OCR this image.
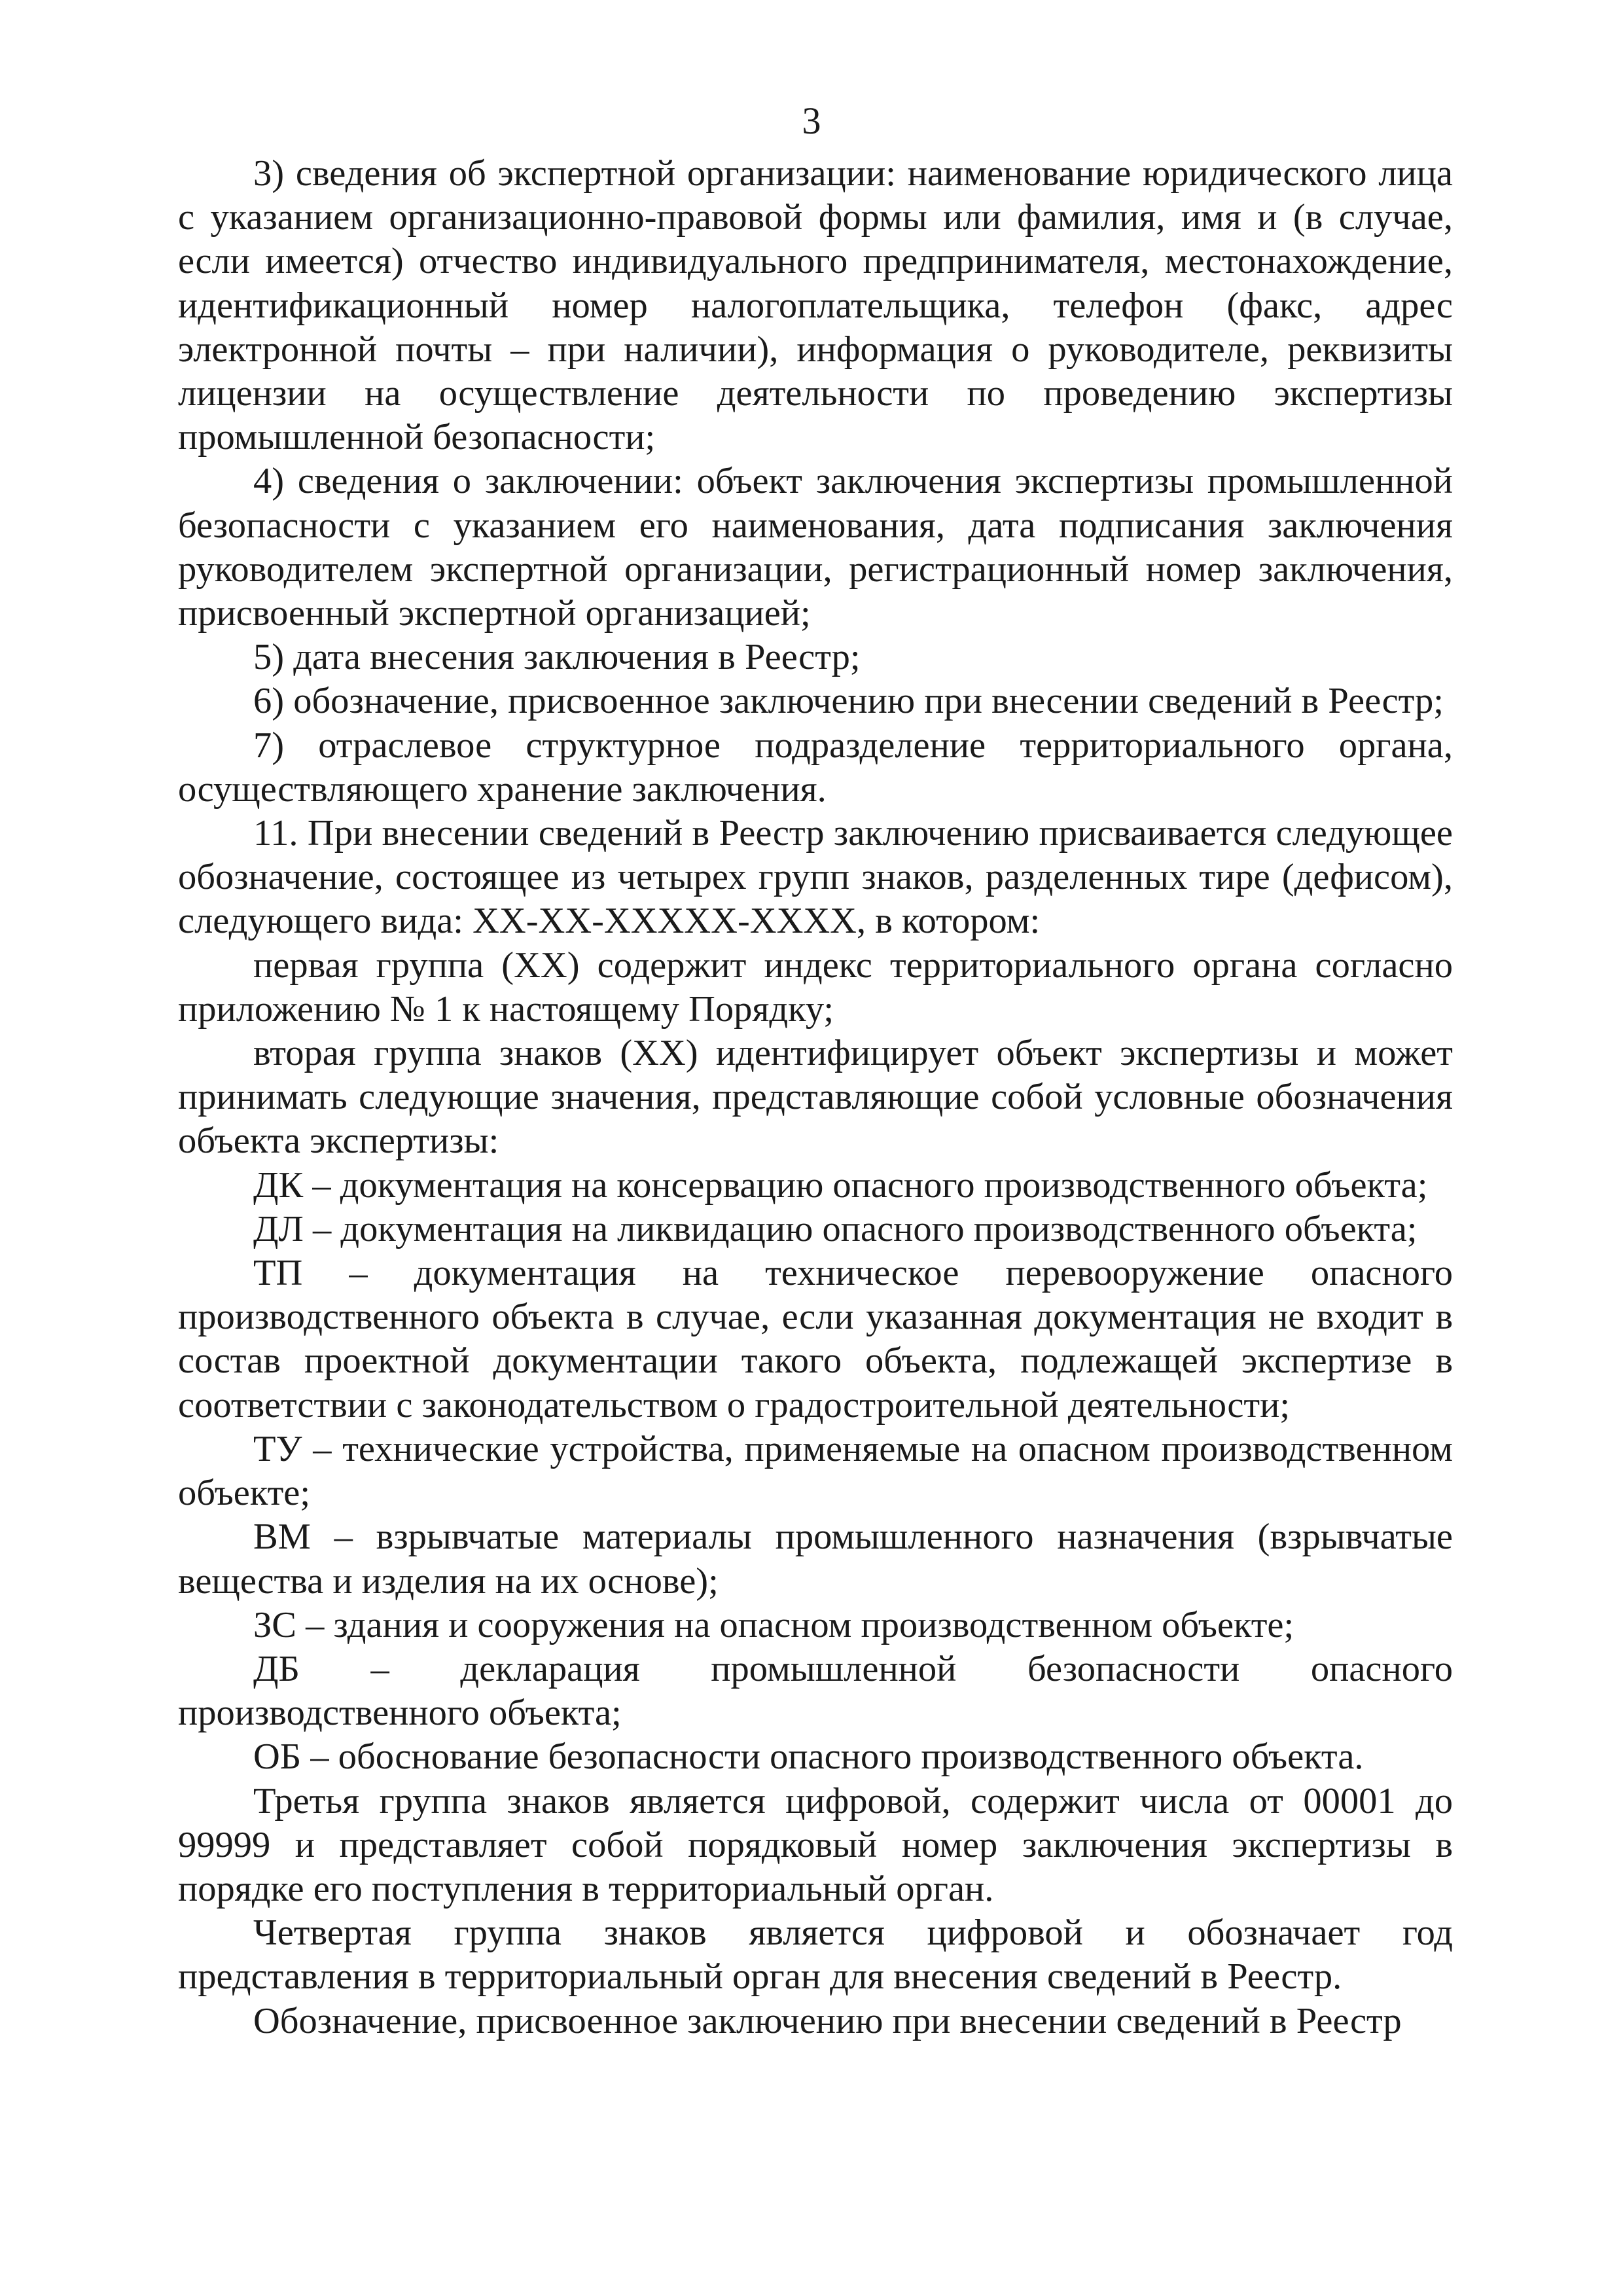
3

3) сведения об экспертной организации: наименование юридического лица с указанием организационно-правовой формы или фамилия, имя и (в случае, если имеется) отчество индивидуального предпринимателя, местонахождение, идентификационный номер налогоплательщика, телефон (факс, адрес электронной почты – при наличии), информация о руководителе, реквизиты лицензии на осуществление деятельности по проведению экспертизы промышленной безопасности;

4) сведения о заключении: объект заключения экспертизы промышленной безопасности с указанием его наименования, дата подписания заключения руководителем экспертной организации, регистрационный номер заключения, присвоенный экспертной организацией;

5) дата внесения заключения в Реестр;

6) обозначение, присвоенное заключению при внесении сведений в Реестр;

7) отраслевое структурное подразделение территориального органа, осуществляющего хранение заключения.

11. При внесении сведений в Реестр заключению присваивается следующее обозначение, состоящее из четырех групп знаков, разделенных тире (дефисом), следующего вида: XX-XX-XXXXX-XXXX, в котором:

первая группа (XX) содержит индекс территориального органа согласно приложению № 1 к настоящему Порядку;

вторая группа знаков (XX) идентифицирует объект экспертизы и может принимать следующие значения, представляющие собой условные обозначения объекта экспертизы:

ДК – документация на консервацию опасного производственного объекта;

ДЛ – документация на ликвидацию опасного производственного объекта;

ТП – документация на техническое перевооружение опасного производственного объекта в случае, если указанная документация не входит в состав проектной документации такого объекта, подлежащей экспертизе в соответствии с законодательством о градостроительной деятельности;

ТУ – технические устройства, применяемые на опасном производственном объекте;

ВМ – взрывчатые материалы промышленного назначения (взрывчатые вещества и изделия на их основе);

ЗС – здания и сооружения на опасном производственном объекте;

ДБ – декларация промышленной безопасности опасного производственного объекта;

ОБ – обоснование безопасности опасного производственного объекта.

Третья группа знаков является цифровой, содержит числа от 00001 до 99999 и представляет собой порядковый номер заключения экспертизы в порядке его поступления в территориальный орган.

Четвертая группа знаков является цифровой и обозначает год представления в территориальный орган для внесения сведений в Реестр.

Обозначение, присвоенное заключению при внесении сведений в Реестр
